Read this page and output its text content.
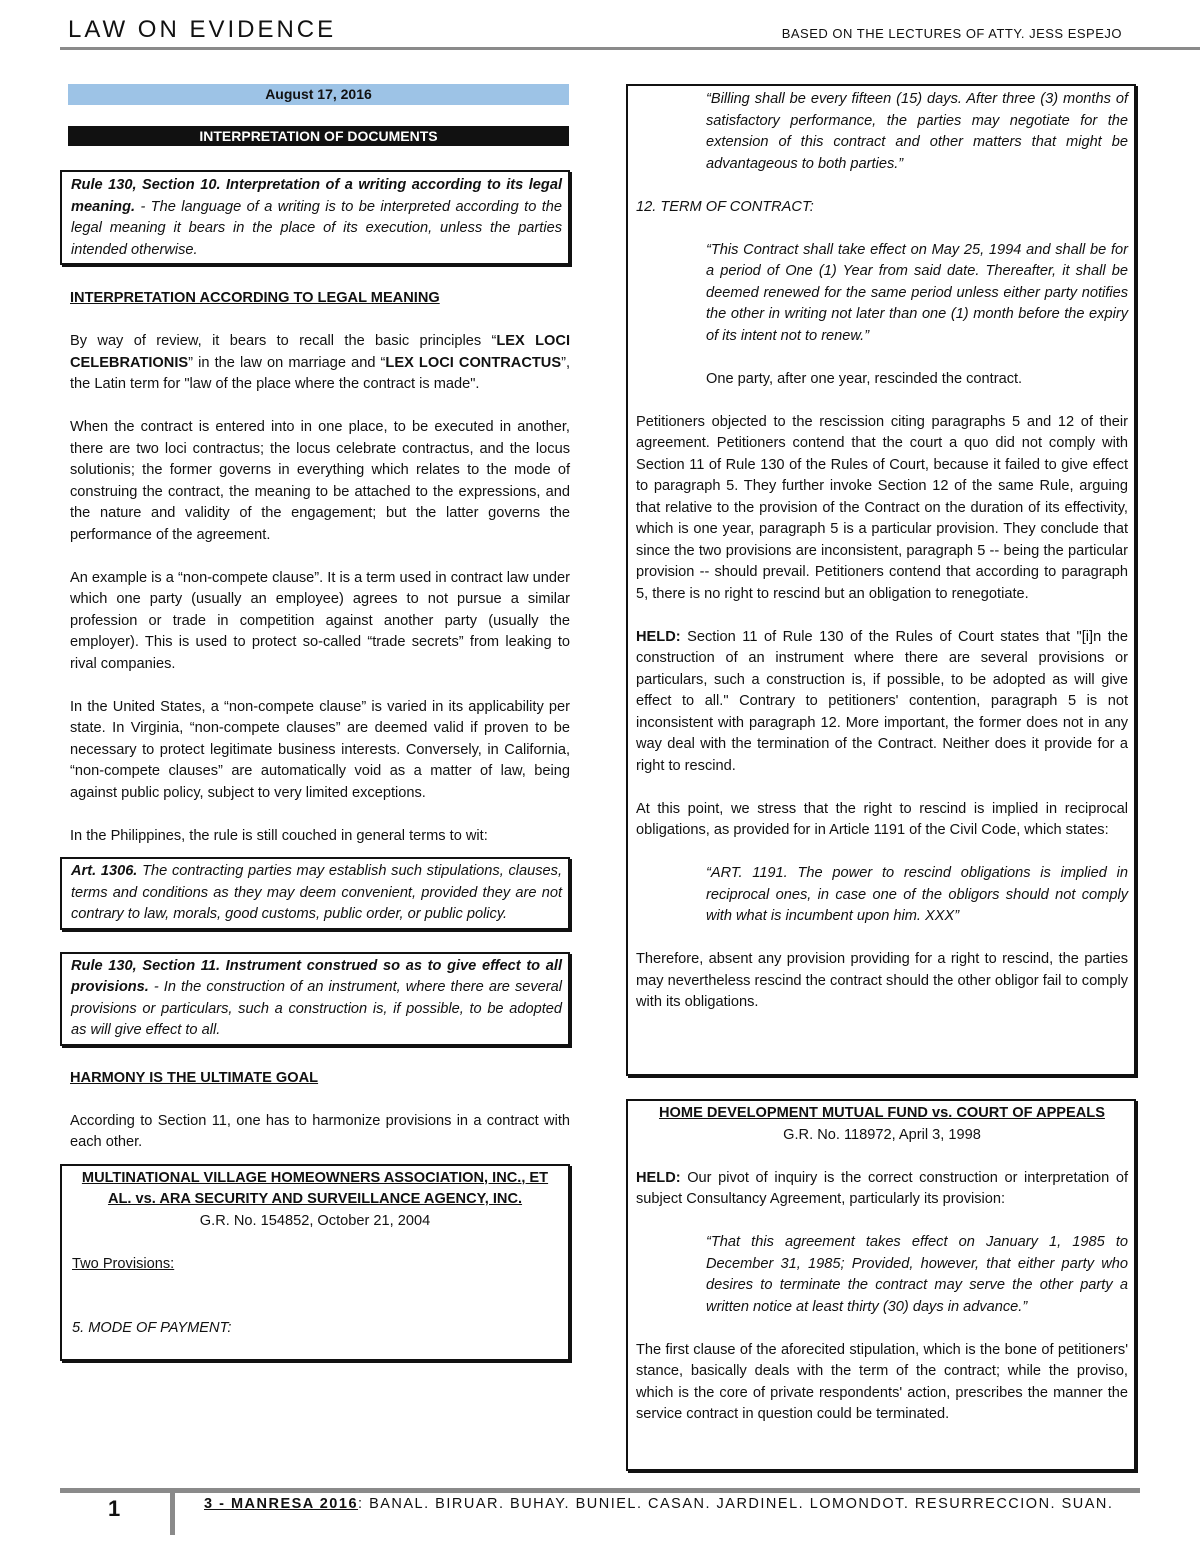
LAW ON EVIDENCE	BASED ON THE LECTURES OF ATTY. JESS ESPEJO
August 17, 2016
INTERPRETATION OF DOCUMENTS

Rule 130, Section 10. Interpretation of a writing according to its legal meaning. - The language of a writing is to be interpreted according to the legal meaning it bears in the place of its execution, unless the parties intended otherwise.

INTERPRETATION ACCORDING TO LEGAL MEANING

By way of review, it bears to recall the basic principles “LEX LOCI CELEBRATIONIS” in the law on marriage and “LEX LOCI CONTRACTUS”, the Latin term for "law of the place where the contract is made".

When the contract is entered into in one place, to be executed in another, there are two loci contractus; the locus celebrate contractus, and the locus solutionis; the former governs in everything which relates to the mode of construing the contract, the meaning to be attached to the expressions, and the nature and validity of the engagement; but the latter governs the performance of the agreement.

An example is a “non-compete clause”. It is a term used in contract law under which one party (usually an employee) agrees to not pursue a similar profession or trade in competition against another party (usually the employer). This is used to protect so-called “trade secrets” from leaking to rival companies.

In the United States, a “non-compete clause” is varied in its applicability per state. In Virginia, “non-compete clauses” are deemed valid if proven to be necessary to protect legitimate business interests. Conversely, in California, “non-compete clauses” are automatically void as a matter of law, being against public policy, subject to very limited exceptions.

In the Philippines, the rule is still couched in general terms to wit:

Art. 1306. The contracting parties may establish such stipulations, clauses, terms and conditions as they may deem convenient, provided they are not contrary to law, morals, good customs, public order, or public policy.

Rule 130, Section 11. Instrument construed so as to give effect to all provisions. - In the construction of an instrument, where there are several provisions or particulars, such a construction is, if possible, to be adopted as will give effect to all.

HARMONY IS THE ULTIMATE GOAL

According to Section 11, one has to harmonize provisions in a contract with each other.

MULTINATIONAL VILLAGE HOMEOWNERS ASSOCIATION, INC., ET AL. vs. ARA SECURITY AND SURVEILLANCE AGENCY, INC.

G.R. No. 154852, October 21, 2004

Two Provisions:

5. MODE OF PAYMENT:

“Billing shall be every fifteen (15) days. After three (3) months of satisfactory performance, the parties may negotiate for the extension of this contract and other matters that might be advantageous to both parties.”

12. TERM OF CONTRACT:

“This Contract shall take effect on May 25, 1994 and shall be for a period of One (1) Year from said date. Thereafter, it shall be deemed renewed for the same period unless either party notifies the other in writing not later than one (1) month before the expiry of its intent not to renew.”

One party, after one year, rescinded the contract.

Petitioners objected to the rescission citing paragraphs 5 and 12 of their agreement. Petitioners contend that the court a quo did not comply with Section 11 of Rule 130 of the Rules of Court, because it failed to give effect to paragraph 5. They further invoke Section 12 of the same Rule, arguing that relative to the provision of the Contract on the duration of its effectivity, which is one year, paragraph 5 is a particular provision. They conclude that since the two provisions are inconsistent, paragraph 5 -- being the particular provision -- should prevail. Petitioners contend that according to paragraph 5, there is no right to rescind but an obligation to renegotiate.

HELD: Section 11 of Rule 130 of the Rules of Court states that "[i]n the construction of an instrument where there are several provisions or particulars, such a construction is, if possible, to be adopted as will give effect to all." Contrary to petitioners' contention, paragraph 5 is not inconsistent with paragraph 12. More important, the former does not in any way deal with the termination of the Contract. Neither does it provide for a right to rescind.

At this point, we stress that the right to rescind is implied in reciprocal obligations, as provided for in Article 1191 of the Civil Code, which states:

“ART. 1191. The power to rescind obligations is implied in reciprocal ones, in case one of the obligors should not comply with what is incumbent upon him. XXX”

Therefore, absent any provision providing for a right to rescind, the parties may nevertheless rescind the contract should the other obligor fail to comply with its obligations.

HOME DEVELOPMENT MUTUAL FUND vs. COURT OF APPEALS

G.R. No. 118972, April 3, 1998

HELD: Our pivot of inquiry is the correct construction or interpretation of subject Consultancy Agreement, particularly its provision:

“That this agreement takes effect on January 1, 1985 to December 31, 1985; Provided, however, that either party who desires to terminate the contract may serve the other party a written notice at least thirty (30) days in advance.”

The first clause of the aforecited stipulation, which is the bone of petitioners' stance, basically deals with the term of the contract; while the proviso, which is the core of private respondents' action, prescribes the manner the service contract in question could be terminated.

1	3 - MANRESA 2016: BANAL. BIRUAR. BUHAY. BUNIEL. CASAN. JARDINEL. LOMONDOT. RESURRECCION. SUAN.
